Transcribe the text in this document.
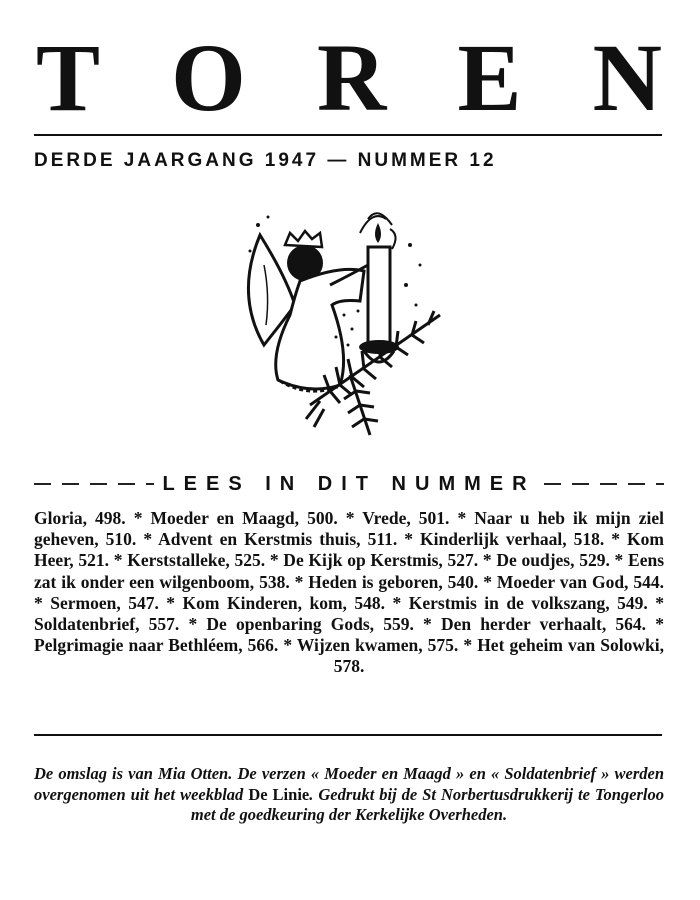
T O R E N
DERDE JAARGANG 1947 — NUMMER 12
LEES IN DIT NUMMER
Gloria, 498. * Moeder en Maagd, 500. * Vrede, 501. * Naar u heb ik mijn ziel geheven, 510. * Advent en Kerstmis thuis, 511. * Kinderlijk verhaal, 518. * Kom Heer, 521. * Kerststalleke, 525. * De Kijk op Kerstmis, 527. * De oudjes, 529. * Eens zat ik onder een wilgenboom, 538. * Heden is geboren, 540. * Moeder van God, 544. * Sermoen, 547. * Kom Kinderen, kom, 548. * Kerstmis in de volkszang, 549. * Soldatenbrief, 557. * De openbaring Gods, 559. * Den herder verhaalt, 564. * Pelgrimagie naar Bethléem, 566. * Wijzen kwamen, 575. * Het geheim van Solowki, 578.
De omslag is van Mia Otten. De verzen « Moeder en Maagd » en « Soldatenbrief » werden overgenomen uit het weekblad De Linie. Gedrukt bij de St Norbertusdrukkerij te Tongerloo met de goedkeuring der Kerkelijke Overheden.
